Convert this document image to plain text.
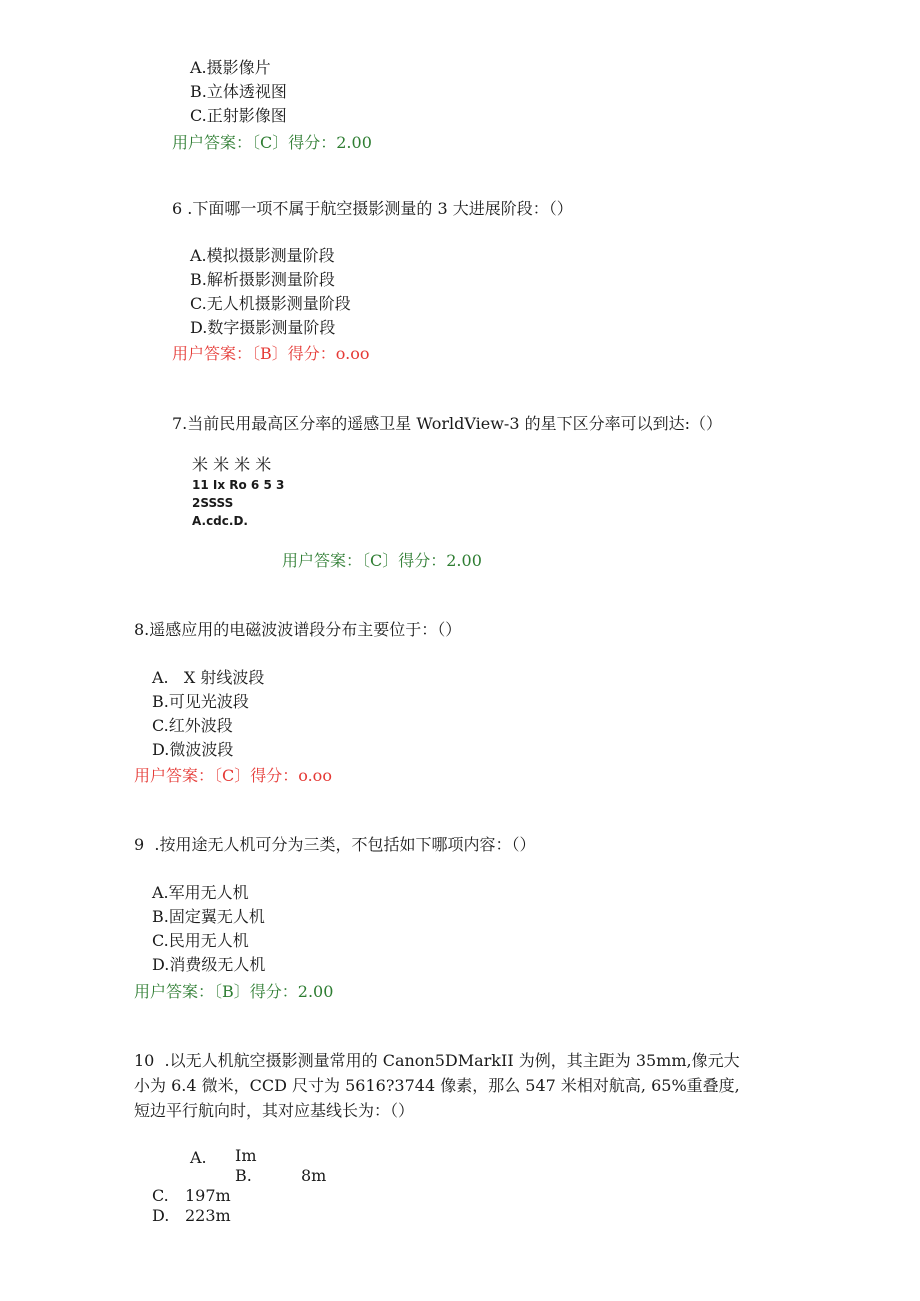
A.摄影像片
B.立体透视图
C.正射影像图
用户答案：〔C〕得分：2.00
6 .下面哪一项不属于航空摄影测量的 3 大进展阶段：（）
A.模拟摄影测量阶段
B.解析摄影测量阶段
C.无人机摄影测量阶段
D.数字摄影测量阶段
用户答案：〔B〕得分：o.oo
7.当前民用最高区分率的遥感卫星 WorldView-3 的星下区分率可以到达:（）
米 米 米 米
11 Ix Ro 6 5 3
2SSSS
A.cdc.D.
用户答案：〔C〕得分：2.00
8.遥感应用的电磁波波谱段分布主要位于：（）
A.   X 射线波段
B.可见光波段
C.红外波段
D.微波波段
用户答案：〔C〕得分：o.oo
9  .按用途无人机可分为三类，不包括如下哪项内容：（）
A.军用无人机
B.固定翼无人机
C.民用无人机
D.消费级无人机
用户答案：〔B〕得分：2.00
10  .以无人机航空摄影测量常用的 Canon5DMarkII 为例，其主距为 35mm,像元大
小为 6.4 微米，CCD 尺寸为 5616?3744 像素，那么 547 米相对航高, 65%重叠度,
短边平行航向时，其对应基线长为：（）
A. Im
B.	8m
C. 197m
D. 223m
